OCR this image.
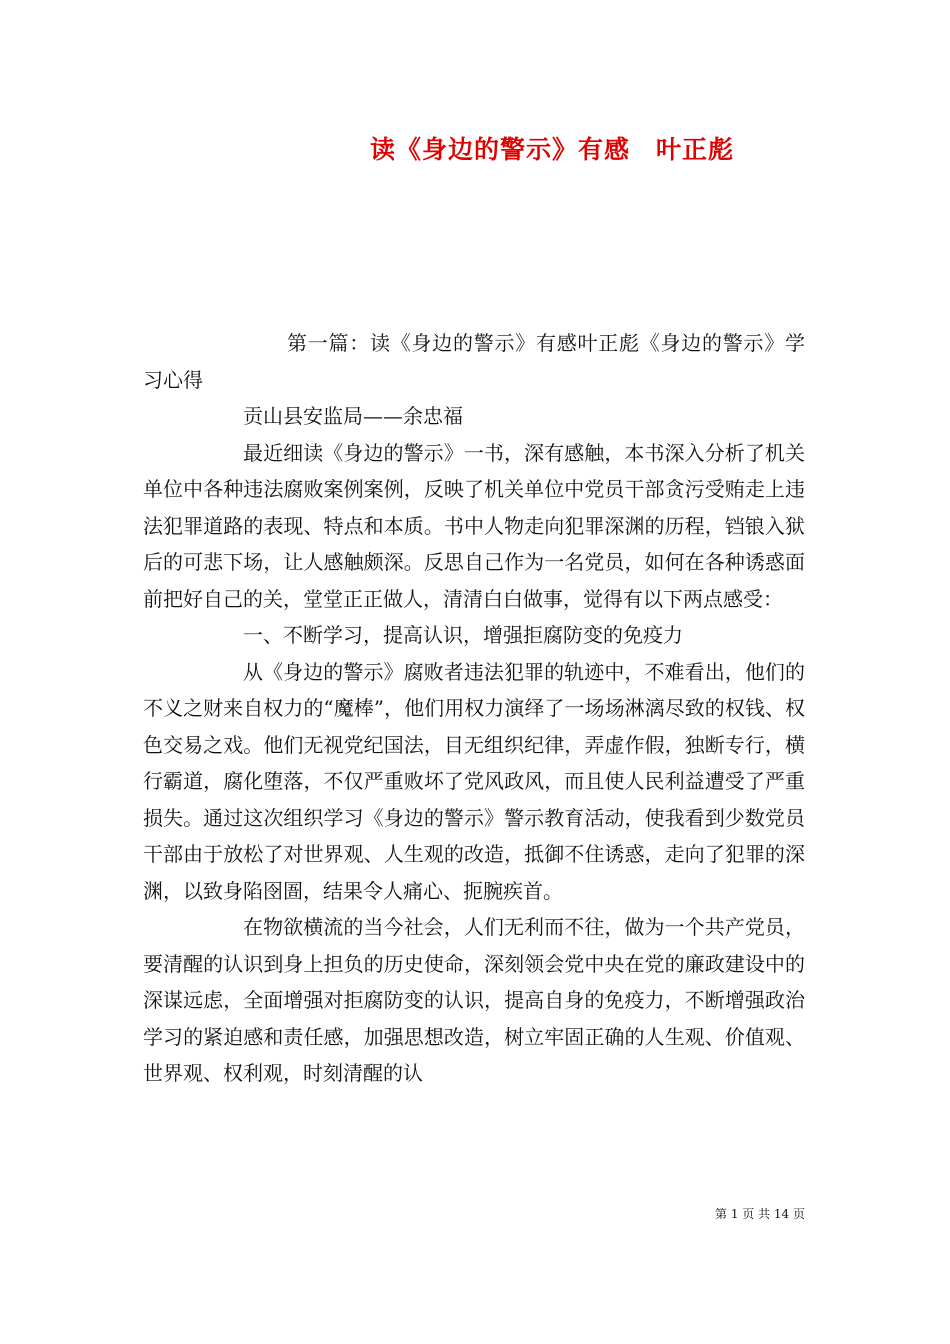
读《身边的警示》有感 叶正彪

第一篇：读《身边的警示》有感叶正彪《身边的警示》学习心得

贡山县安监局——余忠福

最近细读《身边的警示》一书，深有感触，本书深入分析了机关单位中各种违法腐败案例案例，反映了机关单位中党员干部贪污受贿走上违法犯罪道路的表现、特点和本质。书中人物走向犯罪深渊的历程，铛锒入狱后的可悲下场，让人感触颇深。反思自己作为一名党员，如何在各种诱惑面前把好自己的关，堂堂正正做人，清清白白做事，觉得有以下两点感受：

一、不断学习，提高认识，增强拒腐防变的免疫力

从《身边的警示》腐败者违法犯罪的轨迹中，不难看出，他们的不义之财来自权力的“魔棒”，他们用权力演绎了一场场淋漓尽致的权钱、权色交易之戏。他们无视党纪国法，目无组织纪律，弄虚作假，独断专行，横行霸道，腐化堕落，不仅严重败坏了党风政风，而且使人民利益遭受了严重损失。通过这次组织学习《身边的警示》警示教育活动，使我看到少数党员干部由于放松了对世界观、人生观的改造，抵御不住诱惑，走向了犯罪的深渊，以致身陷囹圄，结果令人痛心、扼腕疾首。

在物欲横流的当今社会，人们无利而不往，做为一个共产党员，要清醒的认识到身上担负的历史使命，深刻领会党中央在党的廉政建设中的深谋远虑，全面增强对拒腐防变的认识，提高自身的免疫力，不断增强政治学习的紧迫感和责任感，加强思想改造，树立牢固正确的人生观、价值观、世界观、权利观，时刻清醒的认

第 1 页 共 14 页
